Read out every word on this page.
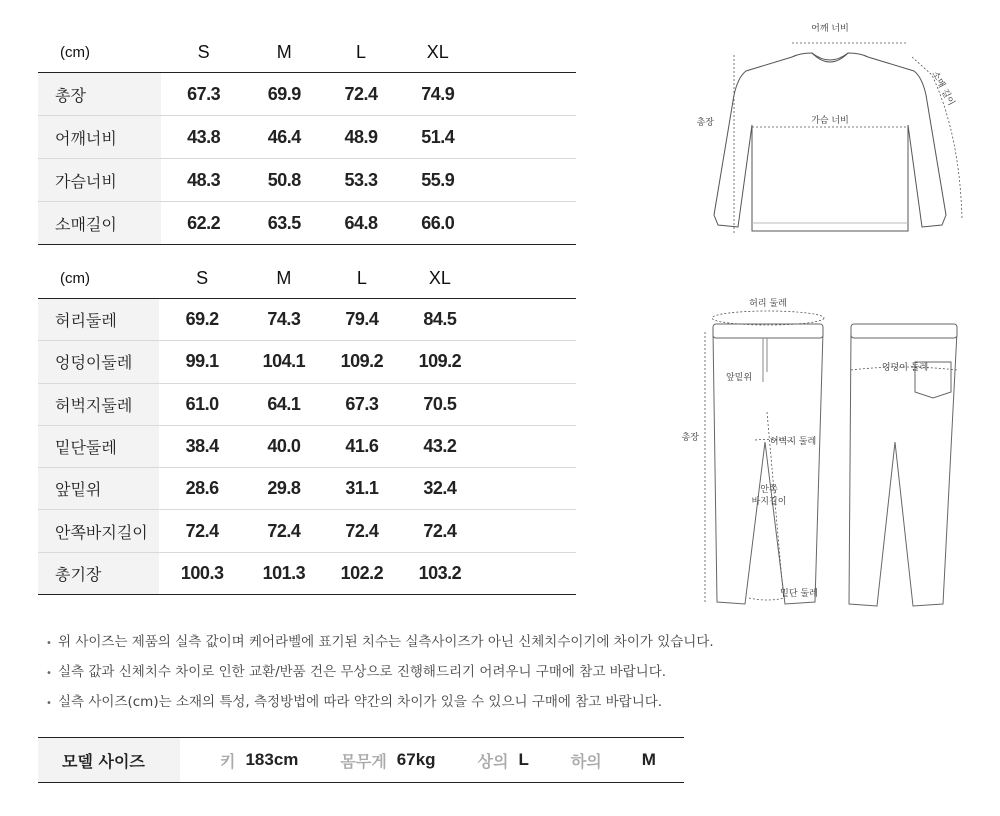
(cm)	S	M	L	XL	
총장	67.3	69.9	72.4	74.9	
어깨너비	43.8	46.4	48.9	51.4	
가슴너비	48.3	50.8	53.3	55.9	
소매길이	62.2	63.5	64.8	66.0	
(cm)	S	M	L	XL	
허리둘레	69.2	74.3	79.4	84.5	
엉덩이둘레	99.1	104.1	109.2	109.2	
허벅지둘레	61.0	64.1	67.3	70.5	
밑단둘레	38.4	40.0	41.6	43.2	
앞밑위	28.6	29.8	31.1	32.4	
안쪽바지길이	72.4	72.4	72.4	72.4	
총기장	100.3	101.3	102.2	103.2	
어깨 너비
총장	가슴 너비
소매 길이
허리 둘레
엉덩이 둘레
앞밑위
총장	허벅지 둘레
안쪽
바지길이
밑단 둘레
• 위 사이즈는 제품의 실측 값이며 케어라벨에 표기된 치수는 실측사이즈가 아닌 신체치수이기에 차이가 있습니다.
• 실측 값과 신체치수 차이로 인한 교환/반품 건은 무상으로 진행해드리기 어려우니 구매에 참고 바랍니다.
• 실측 사이즈(cm)는 소재의 특성, 측정방법에 따라 약간의 차이가 있을 수 있으니 구매에 참고 바랍니다.
모델 사이즈	키 183cm	몸무게 67kg	상의 L	하의 M
